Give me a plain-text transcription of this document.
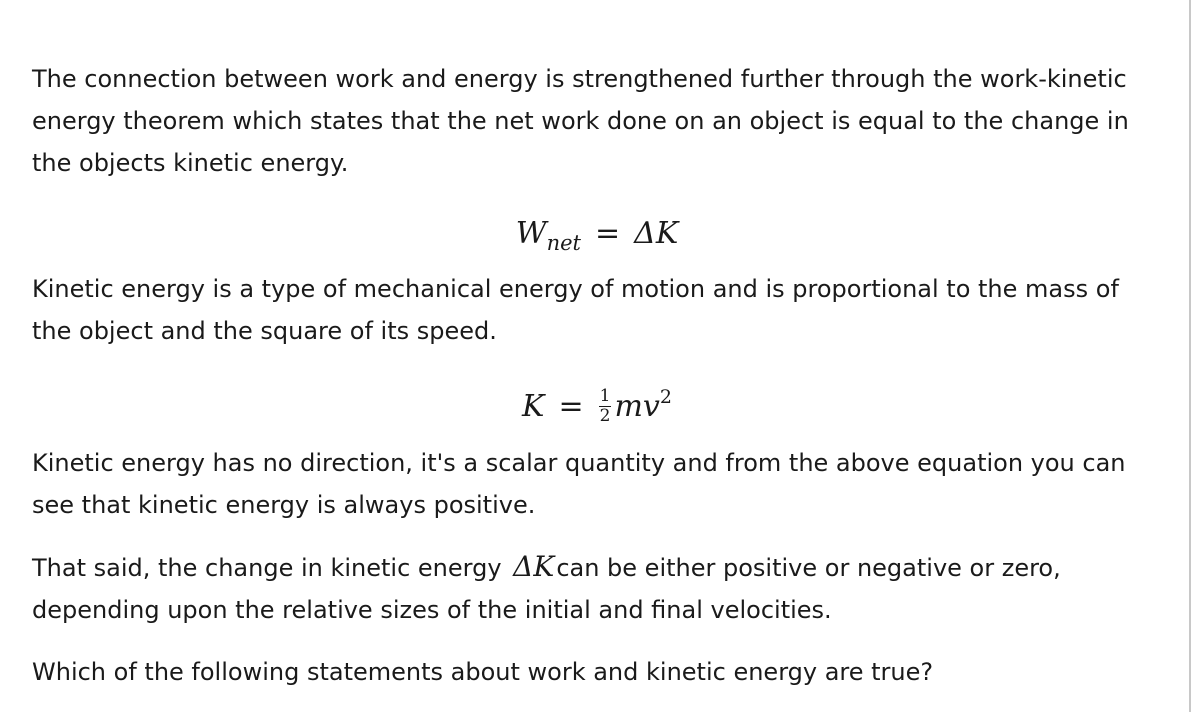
The connection between work and energy is strengthened further through the work-kinetic energy theorem which states that the net work done on an object is equal to the change in the objects kinetic energy.

$W_{net} = \Delta K$

Kinetic energy is a type of mechanical energy of motion and is proportional to the mass of the object and the square of its speed.

$K = \frac{1}{2} mv^2$

Kinetic energy has no direction, it's a scalar quantity and from the above equation you can see that kinetic energy is always positive.

That said, the change in kinetic energy ΔKcan be either positive or negative or zero, depending upon the relative sizes of the initial and final velocities.

Which of the following statements about work and kinetic energy are true?
